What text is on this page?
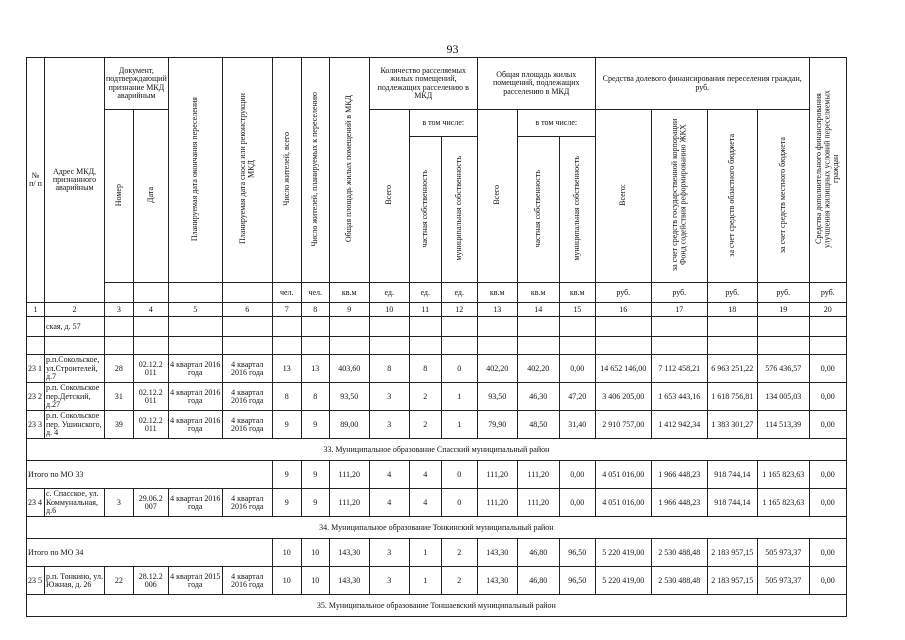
93
№ п/ п	Адрес МКД, признанного аварийным	Документ, подтверждающий признание МКД аварийным		Планируемая дата окончания переселения	Планируемая дата сноса или реконструкции МКД	Число жителей, всего	Число жителей, планируемых к переселению	Общая площадь жилых помещений в МКД	Количество расселяемых жилых помещений, подлежащих расселению в МКД			Общая площадь жилых помещений, подлежащих расселению в МКД			Средства долевого финансирования переселения граждан, руб.				Средства дополнительного финансирования улучшения жилищных условий переселяемых граждан
		Номер	Дата						Всего	в том числе:		Всего	в том числе:		Всего:	за счет средств государственной корпорации Фонд содействия реформированию ЖКХ	за счет средств областного бюджета	за счет средств местного бюджета	
										частная собственность	муниципальная собственность		частная собственность	муниципальная собственность					
						чел.	чел.	кв.м	ед.	ед.	ед.	кв.м	кв.м	кв.м	руб.	руб.	руб.	руб.	руб.
1	2	3	4	5	6	7	8	9	10	11	12	13	14	15	16	17	18	19	20
	ская, д. 57																		

23 1	р.п.Сокольское, ул.Строителей, д.7	28	02.12.2 011	4 квартал 2016 года	4 квартал 2016 года	13	13	403,60	8	8	0	402,20	402,20	0,00	14 652 146,00	7 112 458,21	6 963 251,22	576 436,57	0,00
23 2	р.п. Сокольское пер.Детский, д.27	31	02.12.2 011	4 квартал 2016 года	4 квартал 2016 года	8	8	93,50	3	2	1	93,50	46,30	47,20	3 406 205,00	1 653 443,16	1 618 756,81	134 005,03	0,00
23 3	р.п. Сокольское пер. Ушинского, д. 4	39	02.12.2 011	4 квартал 2016 года	4 квартал 2016 года	9	9	89,00	3	2	1	79,90	48,50	31,40	2 910 757,00	1 412 942,34	1 383 301,27	114 513,39	0,00
33. Муниципальное образование Спасский муниципальный район																			
Итого по МО 33						9	9	111,20	4	4	0	111,20	111,20	0,00	4 051 016,00	1 966 448,23	918 744,14	1 165 823,63	0,00
23 4	с. Спасское, ул. Коммунальная, д.6	3	29.06.2 007	4 квартал 2016 года	4 квартал 2016 года	9	9	111,20	4	4	0	111,20	111,20	0,00	4 051 016,00	1 966 448,23	918 744,14	1 165 823,63	0,00
34. Муниципальное образование Тонкинский муниципальный район																			
Итого по МО 34						10	10	143,30	3	1	2	143,30	46,80	96,50	5 220 419,00	2 530 488,48	2 183 957,15	505 973,37	0,00
23 5	р.п. Тонкино, ул. Южная, д. 26	22	28.12.2 006	4 квартал 2015 года	4 квартал 2016 года	10	10	143,30	3	1	2	143,30	46,80	96,50	5 220 419,00	2 530 488,48	2 183 957,15	505 973,37	0,00
35. Муниципальное образование Тоншаевский муниципальный район																			
